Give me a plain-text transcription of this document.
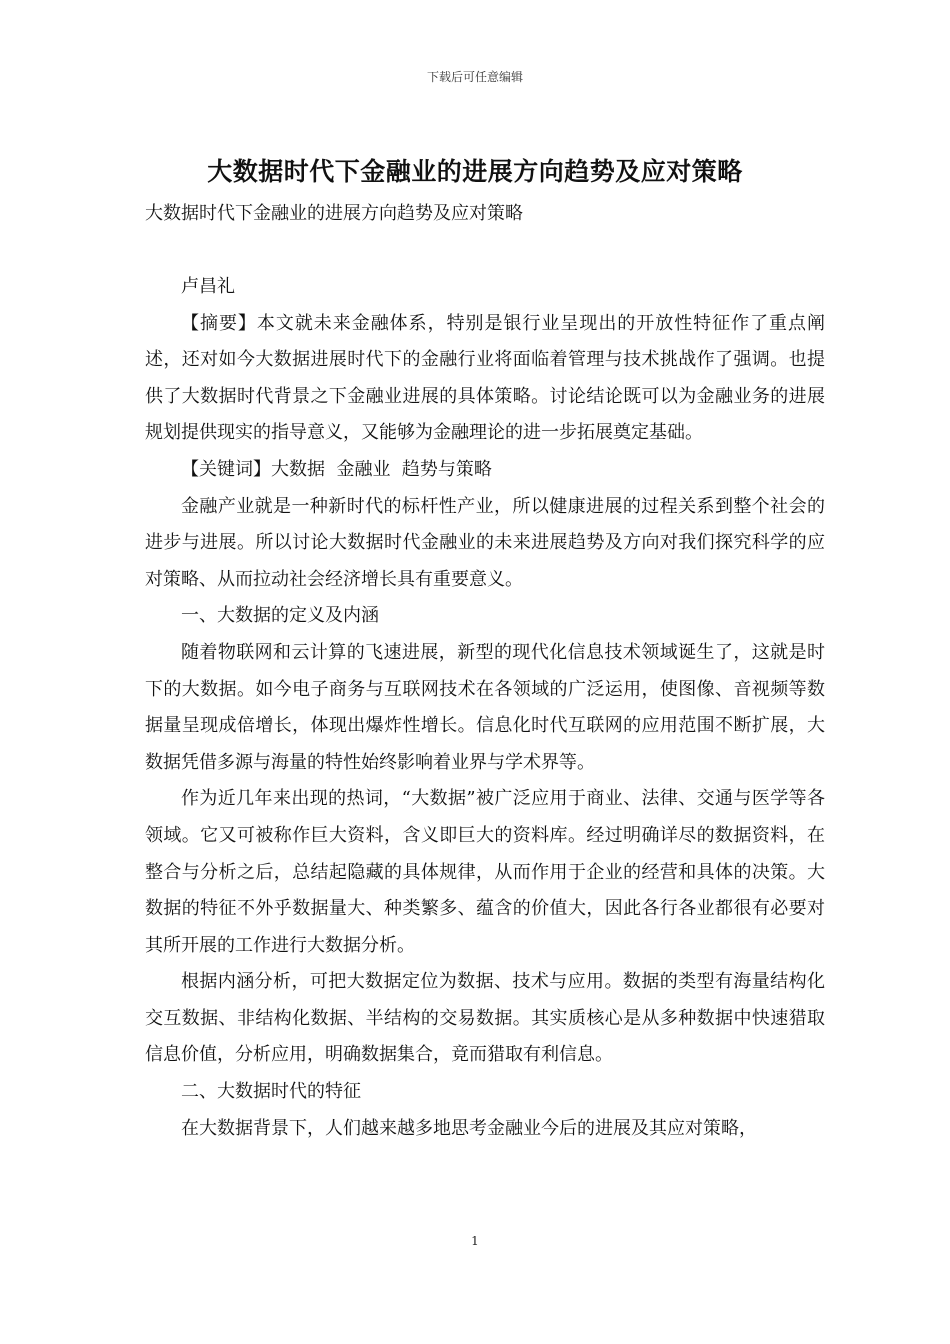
下载后可任意编辑
大数据时代下金融业的进展方向趋势及应对策略
大数据时代下金融业的进展方向趋势及应对策略

卢昌礼

【摘要】本文就未来金融体系，特别是银行业呈现出的开放性特征作了重点阐述，还对如今大数据进展时代下的金融行业将面临着管理与技术挑战作了强调。也提供了大数据时代背景之下金融业进展的具体策略。讨论结论既可以为金融业务的进展规划提供现实的指导意义，又能够为金融理论的进一步拓展奠定基础。

【关键词】大数据  金融业  趋势与策略

金融产业就是一种新时代的标杆性产业，所以健康进展的过程关系到整个社会的进步与进展。所以讨论大数据时代金融业的未来进展趋势及方向对我们探究科学的应对策略、从而拉动社会经济增长具有重要意义。

一、大数据的定义及内涵

随着物联网和云计算的飞速进展，新型的现代化信息技术领域诞生了，这就是时下的大数据。如今电子商务与互联网技术在各领域的广泛运用，使图像、音视频等数据量呈现成倍增长，体现出爆炸性增长。信息化时代互联网的应用范围不断扩展，大数据凭借多源与海量的特性始终影响着业界与学术界等。

作为近几年来出现的热词，“大数据”被广泛应用于商业、法律、交通与医学等各领域。它又可被称作巨大资料，含义即巨大的资料库。经过明确详尽的数据资料，在整合与分析之后，总结起隐藏的具体规律，从而作用于企业的经营和具体的决策。大数据的特征不外乎数据量大、种类繁多、蕴含的价值大，因此各行各业都很有必要对其所开展的工作进行大数据分析。

根据内涵分析，可把大数据定位为数据、技术与应用。数据的类型有海量结构化交互数据、非结构化数据、半结构的交易数据。其实质核心是从多种数据中快速猎取信息价值，分析应用，明确数据集合，竟而猎取有利信息。

二、大数据时代的特征

在大数据背景下，人们越来越多地思考金融业今后的进展及其应对策略，

1
